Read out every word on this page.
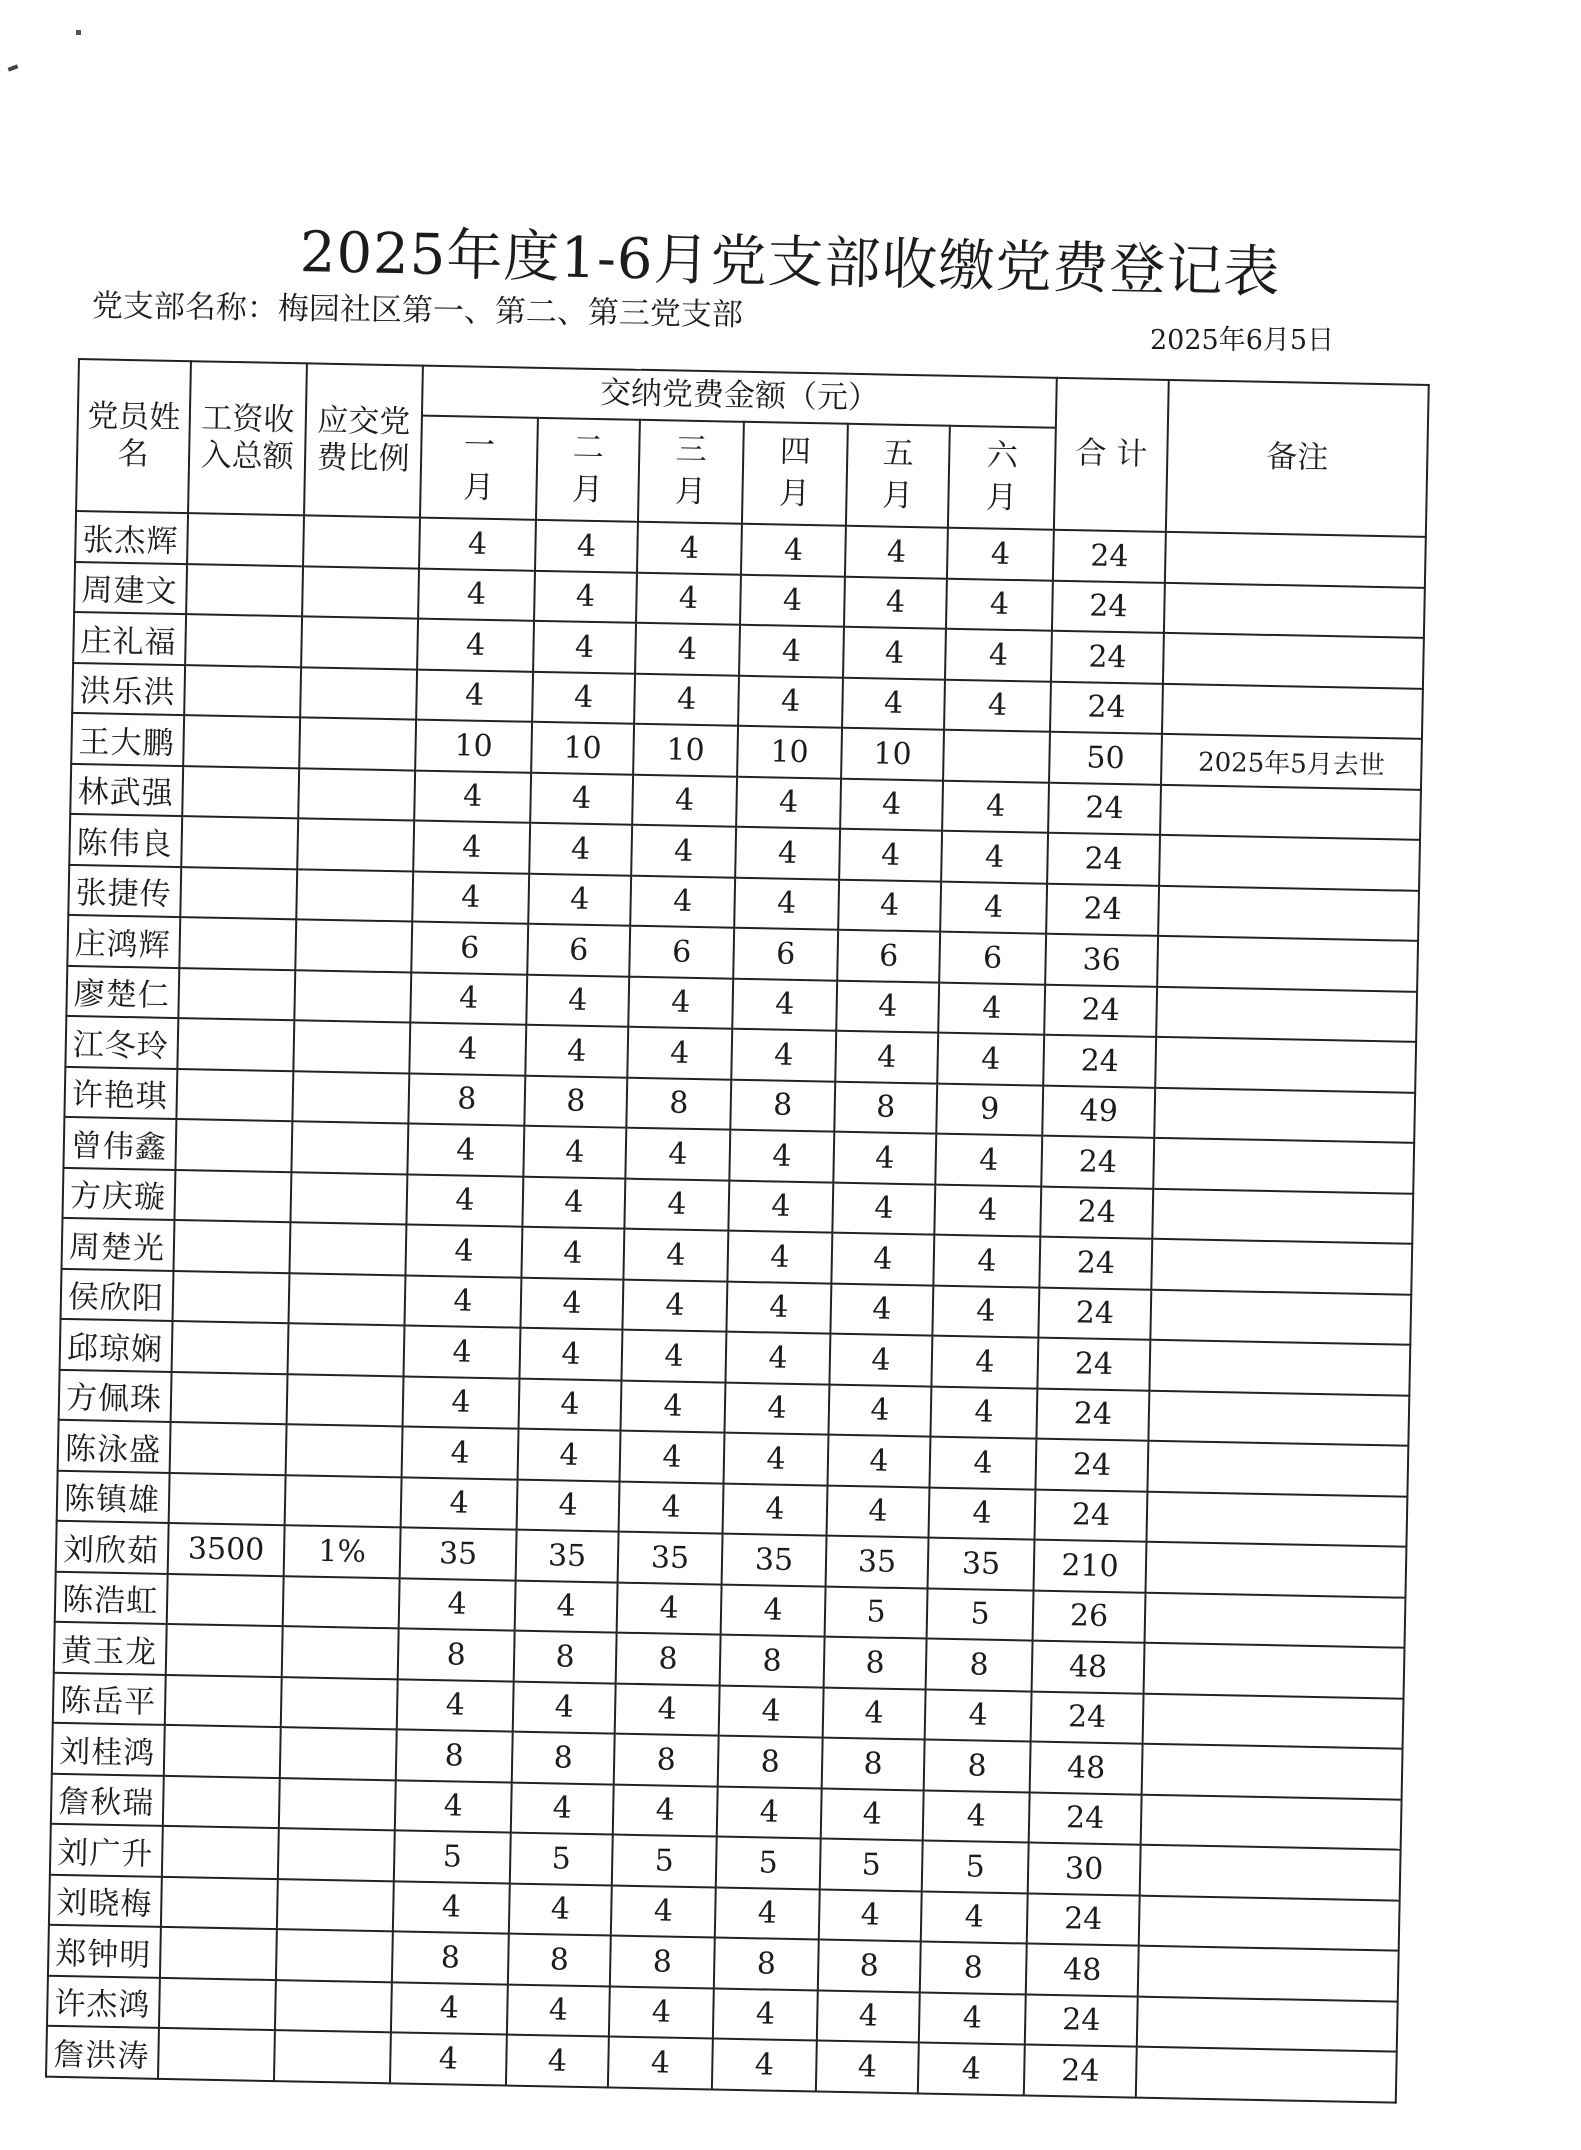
2025年度1-6月党支部收缴党费登记表
党支部名称：梅园社区第一、第二、第三党支部
2025年6月5日
党员姓名	工资收入总额	应交党费比例	交纳党费金额（元）						合 计	备注
			一月	二月	三月	四月	五月	六月		
张杰辉			4	4	4	4	4	4	24	
周建文			4	4	4	4	4	4	24	
庄礼福			4	4	4	4	4	4	24	
洪乐洪			4	4	4	4	4	4	24	
王大鹏			10	10	10	10	10		50	2025年5月去世
林武强			4	4	4	4	4	4	24	
陈伟良			4	4	4	4	4	4	24	
张捷传			4	4	4	4	4	4	24	
庄鸿辉			6	6	6	6	6	6	36	
廖楚仁			4	4	4	4	4	4	24	
江冬玲			4	4	4	4	4	4	24	
许艳琪			8	8	8	8	8	9	49	
曾伟鑫			4	4	4	4	4	4	24	
方庆璇			4	4	4	4	4	4	24	
周楚光			4	4	4	4	4	4	24	
侯欣阳			4	4	4	4	4	4	24	
邱琼娴			4	4	4	4	4	4	24	
方佩珠			4	4	4	4	4	4	24	
陈泳盛			4	4	4	4	4	4	24	
陈镇雄			4	4	4	4	4	4	24	
刘欣茹	3500	1%	35	35	35	35	35	35	210	
陈浩虹			4	4	4	4	5	5	26	
黄玉龙			8	8	8	8	8	8	48	
陈岳平			4	4	4	4	4	4	24	
刘桂鸿			8	8	8	8	8	8	48	
詹秋瑞			4	4	4	4	4	4	24	
刘广升			5	5	5	5	5	5	30	
刘晓梅			4	4	4	4	4	4	24	
郑钟明			8	8	8	8	8	8	48	
许杰鸿			4	4	4	4	4	4	24	
詹洪涛			4	4	4	4	4	4	24	
